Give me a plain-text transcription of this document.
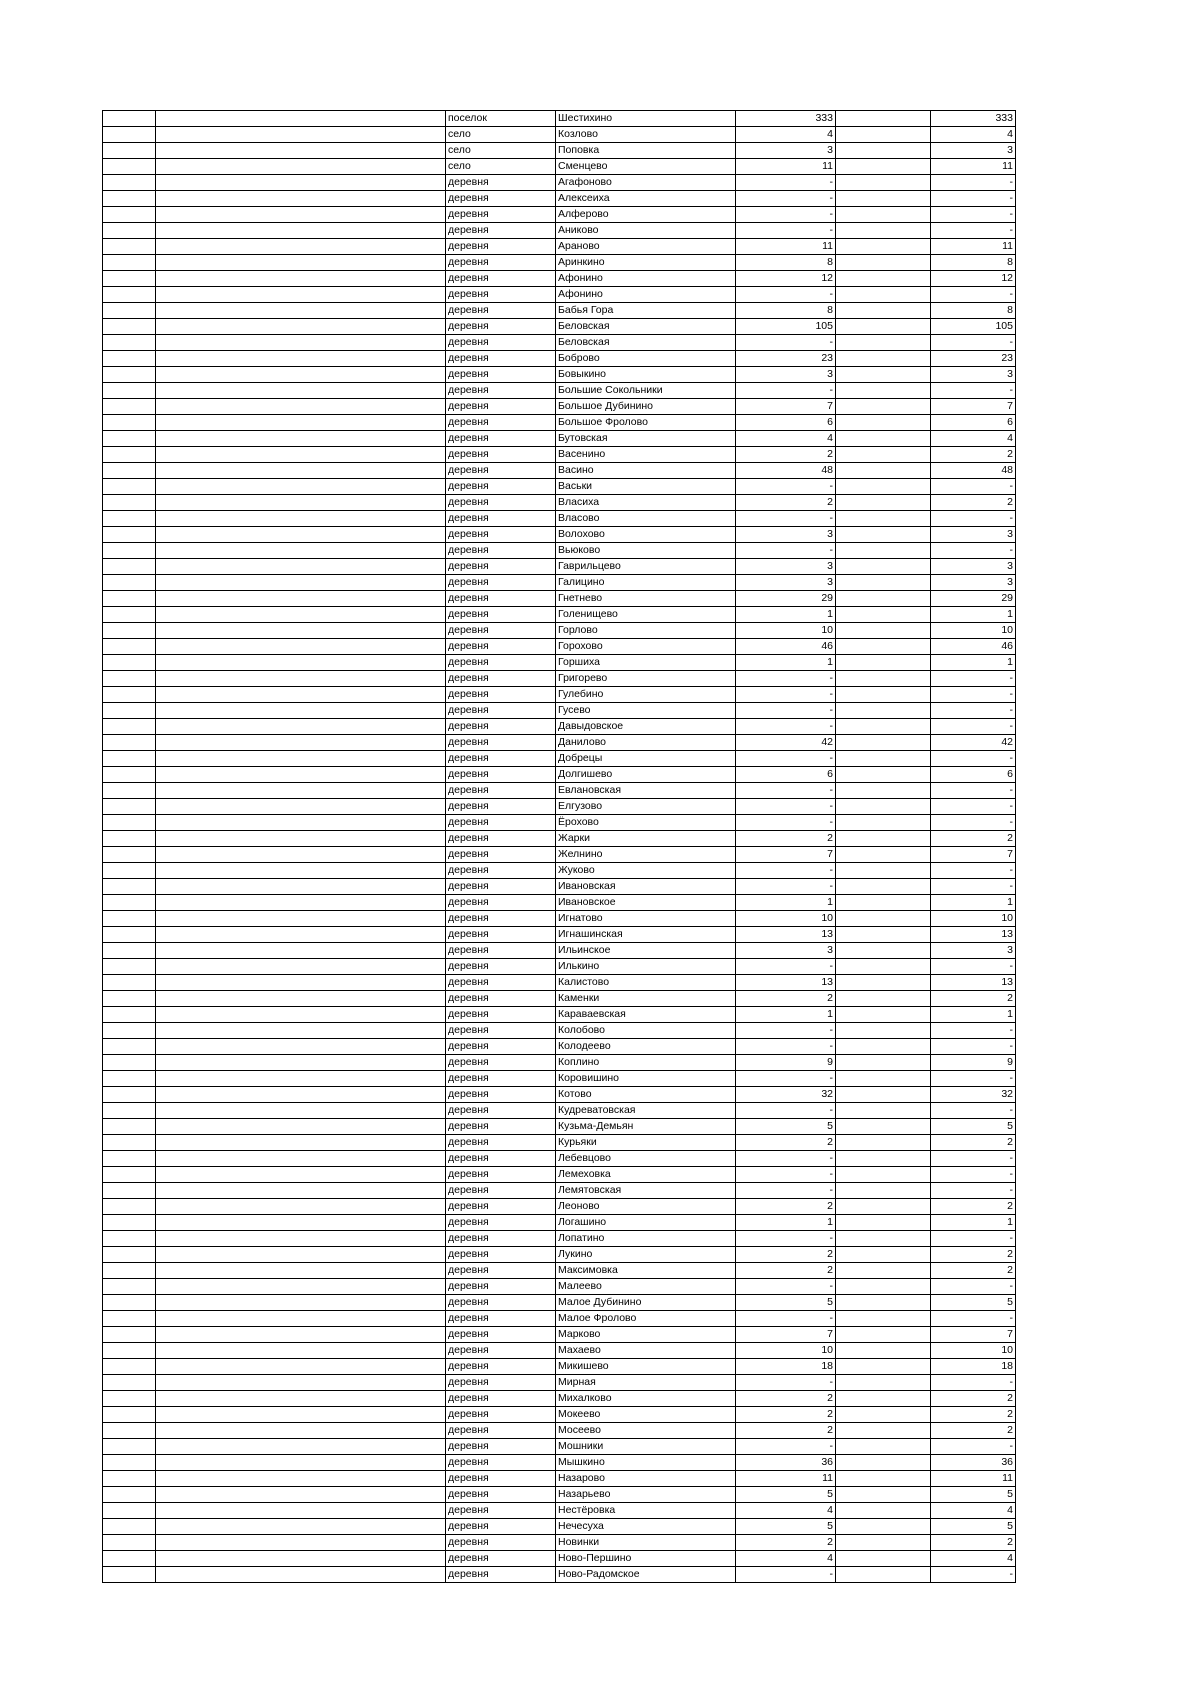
		поселок	Шестихино	333		333
		село	Козлово	4		4
		село	Поповка	3		3
		село	Сменцево	11		11
		деревня	Агафоново	-		-
		деревня	Алексеиха	-		-
		деревня	Алферово	-		-
		деревня	Аниково	-		-
		деревня	Араново	11		11
		деревня	Аринкино	8		8
		деревня	Афонино	12		12
		деревня	Афонино	-		-
		деревня	Бабья Гора	8		8
		деревня	Беловская	105		105
		деревня	Беловская	-		-
		деревня	Боброво	23		23
		деревня	Бовыкино	3		3
		деревня	Большие Сокольники	-		-
		деревня	Большое Дубинино	7		7
		деревня	Большое Фролово	6		6
		деревня	Бутовская	4		4
		деревня	Васенино	2		2
		деревня	Васино	48		48
		деревня	Васьки	-		-
		деревня	Власиха	2		2
		деревня	Власово	-		-
		деревня	Волохово	3		3
		деревня	Вьюково	-		-
		деревня	Гаврильцево	3		3
		деревня	Галицино	3		3
		деревня	Гнетнево	29		29
		деревня	Голенищево	1		1
		деревня	Горлово	10		10
		деревня	Горохово	46		46
		деревня	Горшиха	1		1
		деревня	Григорево	-		-
		деревня	Гулебино	-		-
		деревня	Гусево	-		-
		деревня	Давыдовское	-		-
		деревня	Данилово	42		42
		деревня	Добрецы	-		-
		деревня	Долгишево	6		6
		деревня	Евлановская	-		-
		деревня	Елгузово	-		-
		деревня	Ёрохово	-		-
		деревня	Жарки	2		2
		деревня	Желнино	7		7
		деревня	Жуково	-		-
		деревня	Ивановская	-		-
		деревня	Ивановское	1		1
		деревня	Игнатово	10		10
		деревня	Игнашинская	13		13
		деревня	Ильинское	3		3
		деревня	Илькино	-		-
		деревня	Калистово	13		13
		деревня	Каменки	2		2
		деревня	Караваевская	1		1
		деревня	Колобово	-		-
		деревня	Колодеево	-		-
		деревня	Коплино	9		9
		деревня	Коровишино	-		-
		деревня	Котово	32		32
		деревня	Кудреватовская	-		-
		деревня	Кузьма-Демьян	5		5
		деревня	Курьяки	2		2
		деревня	Лебевцово	-		-
		деревня	Лемеховка	-		-
		деревня	Лемятовская	-		-
		деревня	Леоново	2		2
		деревня	Логашино	1		1
		деревня	Лопатино	-		-
		деревня	Лукино	2		2
		деревня	Максимовка	2		2
		деревня	Малеево	-		-
		деревня	Малое Дубинино	5		5
		деревня	Малое Фролово	-		-
		деревня	Марково	7		7
		деревня	Махаево	10		10
		деревня	Микишево	18		18
		деревня	Мирная	-		-
		деревня	Михалково	2		2
		деревня	Мокеево	2		2
		деревня	Мосеево	2		2
		деревня	Мошники	-		-
		деревня	Мышкино	36		36
		деревня	Назарово	11		11
		деревня	Назарьево	5		5
		деревня	Нестёровка	4		4
		деревня	Нечесуха	5		5
		деревня	Новинки	2		2
		деревня	Ново-Першино	4		4
		деревня	Ново-Радомское	-		-
